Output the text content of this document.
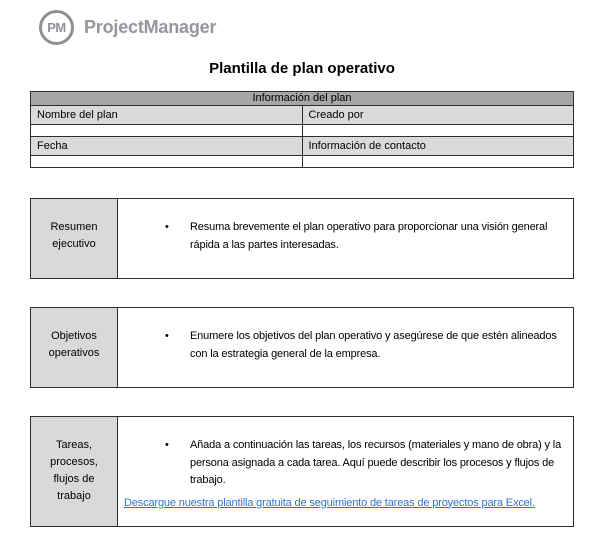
PM ProjectManager
Plantilla de plan operativo
Información del plan	
Nombre del plan	Creado por

Fecha	Información de contacto

Resumen ejecutivo
•	Resuma brevemente el plan operativo para proporcionar una visión general rápida a las partes interesadas.

Objetivos operativos
•	Enumere los objetivos del plan operativo y asegúrese de que estén alineados con la estrategia general de la empresa.

Tareas, procesos, flujos de trabajo
•	Añada a continuación las tareas, los recursos (materiales y mano de obra) y la persona asignada a cada tarea. Aquí puede describir los procesos y flujos de trabajo.

Descargue nuestra plantilla gratuita de seguimiento de tareas de proyectos para Excel.
